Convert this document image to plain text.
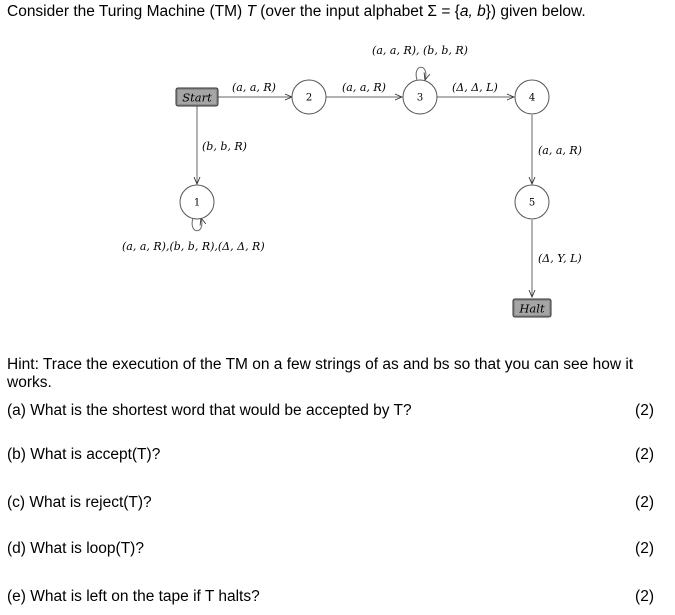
Consider the Turing Machine (TM) T (over the input alphabet Σ = {a, b}) given below.
Start
Halt
1
2	3	4
5
(a, a, R)
(b, b, R)
(a, a, R),(b, b, R),(Δ, Δ, R)
(a, a, R)
(a, a, R), (b, b, R)
(Δ, Δ, L)
(a, a, R)
(Δ, Y, L)
Hint: Trace the execution of the TM on a few strings of as and bs so that you can see how it works.
(a) What is the shortest word that would be accepted by T?	(2)
(b) What is accept(T)?	(2)
(c) What is reject(T)?	(2)
(d) What is loop(T)?	(2)
(e) What is left on the tape if T halts?	(2)
